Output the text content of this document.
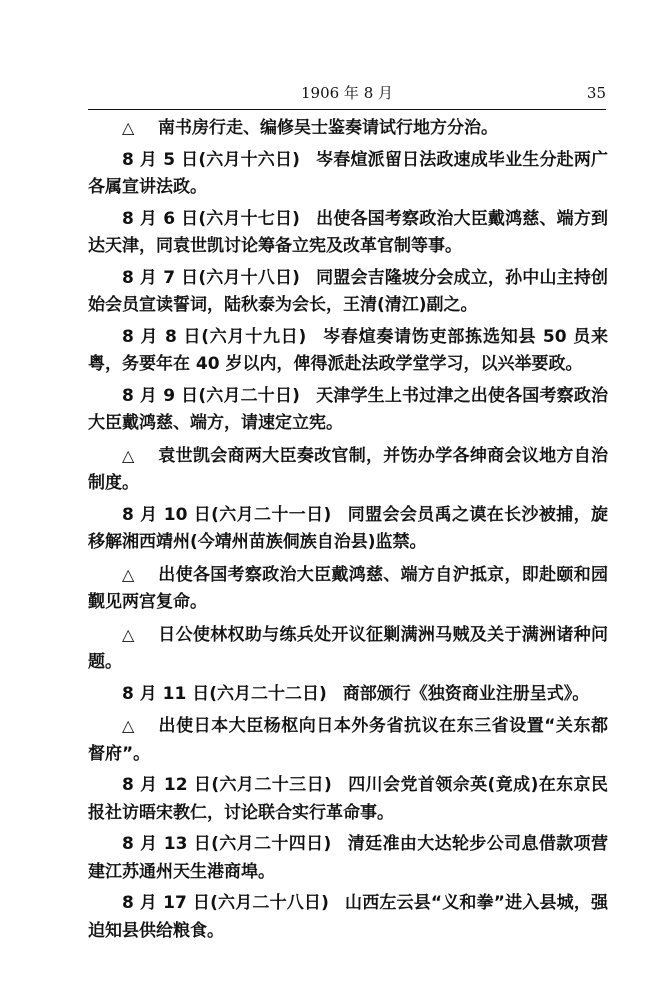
1906 年 8 月	35

△ 南书房行走、编修吴士鉴奏请试行地方分治。

8 月 5 日(六月十六日) 岑春煊派留日法政速成毕业生分赴两广各属宣讲法政。

8 月 6 日(六月十七日) 出使各国考察政治大臣戴鸿慈、端方到达天津，同袁世凯讨论筹备立宪及改革官制等事。

8 月 7 日(六月十八日) 同盟会吉隆坡分会成立，孙中山主持创始会员宣读誓词，陆秋泰为会长，王清(清江)副之。

8 月 8 日(六月十九日) 岑春煊奏请饬吏部拣选知县 50 员来粤，务要年在 40 岁以内，俾得派赴法政学堂学习，以兴举要政。

8 月 9 日(六月二十日) 天津学生上书过津之出使各国考察政治大臣戴鸿慈、端方，请速定立宪。

△ 袁世凯会商两大臣奏改官制，并饬办学各绅商会议地方自治制度。

8 月 10 日(六月二十一日) 同盟会会员禹之谟在长沙被捕，旋移解湘西靖州(今靖州苗族侗族自治县)监禁。

△ 出使各国考察政治大臣戴鸿慈、端方自沪抵京，即赴颐和园觐见两宫复命。

△ 日公使林权助与练兵处开议征剿满洲马贼及关于满洲诸种问题。

8 月 11 日(六月二十二日) 商部颁行《独资商业注册呈式》。

△ 出使日本大臣杨枢向日本外务省抗议在东三省设置“关东都督府”。

8 月 12 日(六月二十三日) 四川会党首领佘英(竟成)在东京民报社访晤宋教仁，讨论联合实行革命事。

8 月 13 日(六月二十四日) 清廷准由大达轮步公司息借款项营建江苏通州天生港商埠。

8 月 17 日(六月二十八日) 山西左云县“义和拳”进入县城，强迫知县供给粮食。
